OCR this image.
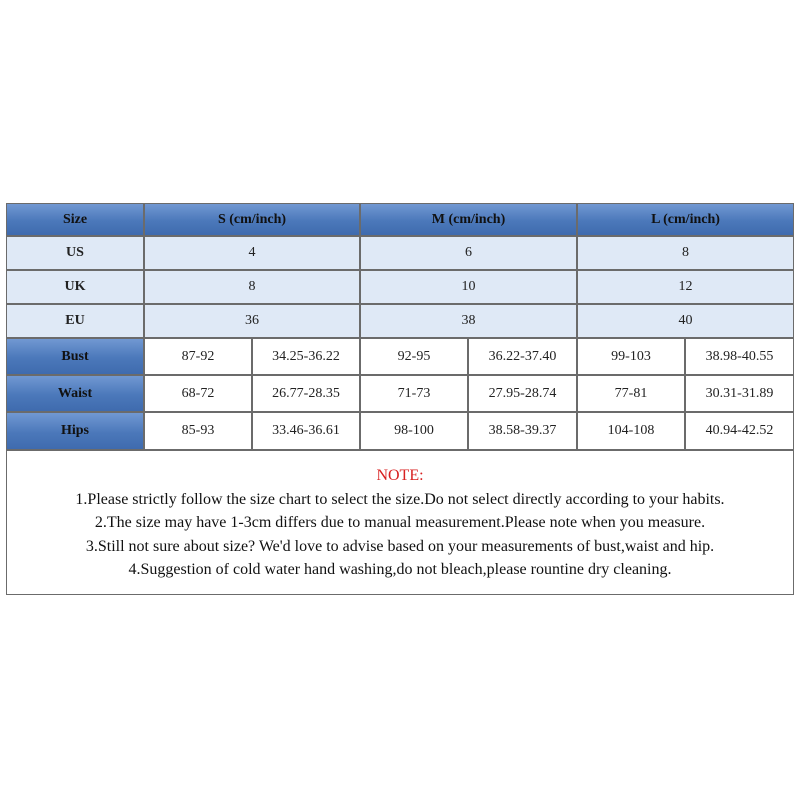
Size	S (cm/inch)	M (cm/inch)	L (cm/inch)
US	4	6	8
UK	8	10	12
EU	36	38	40
Bust	87-92	34.25-36.22	92-95	36.22-37.40	99-103	38.98-40.55
Waist	68-72	26.77-28.35	71-73	27.95-28.74	77-81	30.31-31.89
Hips	85-93	33.46-36.61	98-100	38.58-39.37	104-108	40.94-42.52
NOTE:
1.Please strictly follow the size chart to select the size.Do not select directly according to your habits.
2.The size may have 1-3cm differs due to manual measurement.Please note when you measure.
3.Still not sure about size? We'd love to advise based on your measurements of bust,waist and hip.
4.Suggestion of cold water hand washing,do not bleach,please rountine dry cleaning.
